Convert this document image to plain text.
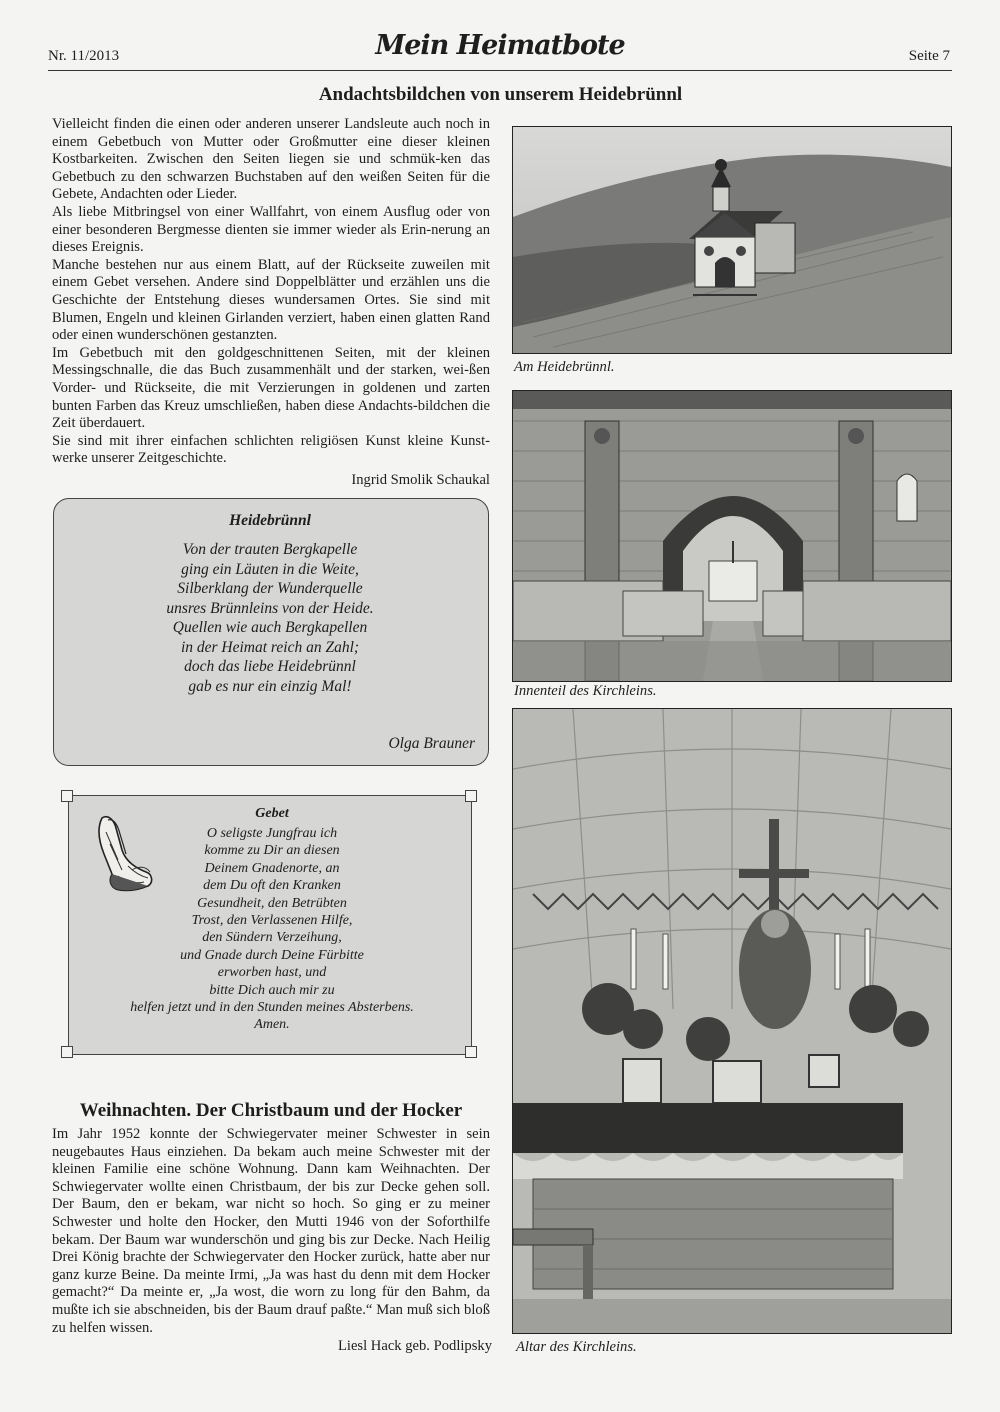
Nr. 11/2013	Mein Heimatbote	Seite 7
Andachtsbildchen von unserem Heidebrünnl

Vielleicht finden die einen oder anderen unserer Landsleute auch noch in einem Gebetbuch von Mutter oder Großmutter eine dieser kleinen Kostbarkeiten. Zwischen den Seiten liegen sie und schmük-ken das Gebetbuch zu den schwarzen Buchstaben auf den weißen Seiten für die Gebete, Andachten oder Lieder.

Als liebe Mitbringsel von einer Wallfahrt, von einem Ausflug oder von einer besonderen Bergmesse dienten sie immer wieder als Erin-nerung an dieses Ereignis.

Manche bestehen nur aus einem Blatt, auf der Rückseite zuweilen mit einem Gebet versehen. Andere sind Doppelblätter und erzählen uns die Geschichte der Entstehung dieses wundersamen Ortes. Sie sind mit Blumen, Engeln und kleinen Girlanden verziert, haben einen glatten Rand oder einen wunderschönen gestanzten.

Im Gebetbuch mit den goldgeschnittenen Seiten, mit der kleinen Messingschnalle, die das Buch zusammenhält und der starken, wei-ßen Vorder- und Rückseite, die mit Verzierungen in goldenen und zarten bunten Farben das Kreuz umschließen, haben diese Andachts-bildchen die Zeit überdauert.

Sie sind mit ihrer einfachen schlichten religiösen Kunst kleine Kunst-werke unserer Zeitgeschichte.

Ingrid Smolik Schaukal

Heidebrünnl
Von der trauten Bergkapelle
ging ein Läuten in die Weite,
Silberklang der Wunderquelle
unsres Brünnleins von der Heide.
Quellen wie auch Bergkapellen
in der Heimat reich an Zahl;
doch das liebe Heidebrünnl
gab es nur ein einzig Mal!
Olga Brauner
Gebet
O seligste Jungfrau ich
komme zu Dir an diesen
Deinem Gnadenorte, an
dem Du oft den Kranken
Gesundheit, den Betrübten
Trost, den Verlassenen Hilfe,
den Sündern Verzeihung,
und Gnade durch Deine Fürbitte
erworben hast, und
bitte Dich auch mir zu
helfen jetzt und in den Stunden meines Absterbens.
Amen.
Weihnachten. Der Christbaum und der Hocker
Im Jahr 1952 konnte der Schwiegervater meiner Schwester in sein neugebautes Haus einziehen. Da bekam auch meine Schwester mit der kleinen Familie eine schöne Wohnung. Dann kam Weihnachten. Der Schwiegervater wollte einen Christbaum, der bis zur Decke gehen soll. Der Baum, den er bekam, war nicht so hoch. So ging er zu meiner Schwester und holte den Hocker, den Mutti 1946 von der Soforthilfe bekam. Der Baum war wunderschön und ging bis zur Decke. Nach Heilig Drei König brachte der Schwiegervater den Hocker zurück, hatte aber nur ganz kurze Beine. Da meinte Irmi, „Ja was hast du denn mit dem Hocker gemacht?“ Da meinte er, „Ja wost, die worn zu long für den Bahm, da mußte ich sie abschneiden, bis der Baum drauf paßte.“ Man muß sich bloß zu helfen wissen.
Liesl Hack geb. Podlipsky
Am Heidebrünnl.
Innenteil des Kirchleins.
Altar des Kirchleins.
